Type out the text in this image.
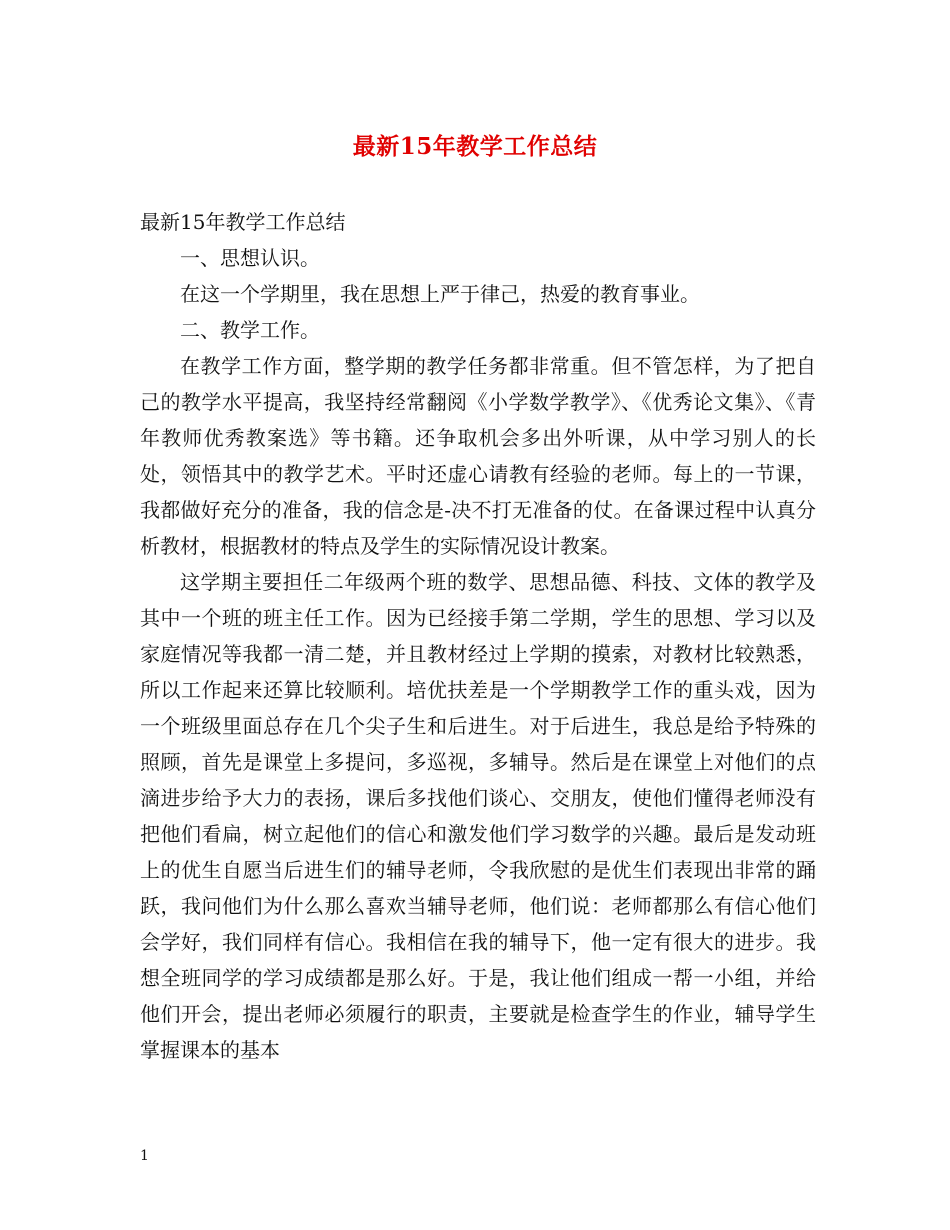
最新15年教学工作总结

最新15年教学工作总结

一、思想认识。

在这一个学期里，我在思想上严于律己，热爱的教育事业。

二、教学工作。

在教学工作方面，整学期的教学任务都非常重。但不管怎样，为了把自己的教学水平提高，我坚持经常翻阅《小学数学教学》、《优秀论文集》、《青年教师优秀教案选》等书籍。还争取机会多出外听课，从中学习别人的长处，领悟其中的教学艺术。平时还虚心请教有经验的老师。每上的一节课，我都做好充分的准备，我的信念是-决不打无准备的仗。在备课过程中认真分析教材，根据教材的特点及学生的实际情况设计教案。

这学期主要担任二年级两个班的数学、思想品德、科技、文体的教学及其中一个班的班主任工作。因为已经接手第二学期，学生的思想、学习以及家庭情况等我都一清二楚，并且教材经过上学期的摸索，对教材比较熟悉，所以工作起来还算比较顺利。培优扶差是一个学期教学工作的重头戏，因为一个班级里面总存在几个尖子生和后进生。对于后进生，我总是给予特殊的照顾，首先是课堂上多提问，多巡视，多辅导。然后是在课堂上对他们的点滴进步给予大力的表扬，课后多找他们谈心、交朋友，使他们懂得老师没有把他们看扁，树立起他们的信心和激发他们学习数学的兴趣。最后是发动班上的优生自愿当后进生们的辅导老师，令我欣慰的是优生们表现出非常的踊跃，我问他们为什么那么喜欢当辅导老师，他们说：老师都那么有信心他们会学好，我们同样有信心。我相信在我的辅导下，他一定有很大的进步。我想全班同学的学习成绩都是那么好。于是，我让他们组成一帮一小组，并给他们开会，提出老师必须履行的职责，主要就是检查学生的作业，辅导学生掌握课本的基本

1
